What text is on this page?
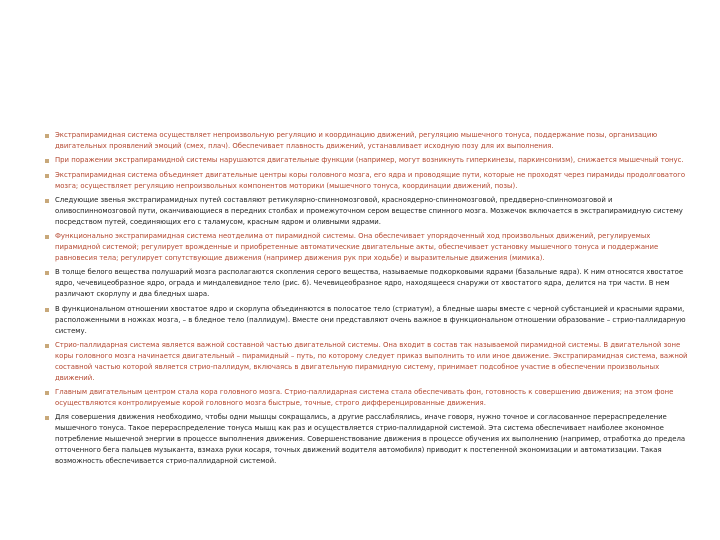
Экстрапирамидная система осуществляет непроизвольную регуляцию и координацию движений, регуляцию мышечного тонуса, поддержание позы, организацию двигательных проявлений эмоций (смех, плач). Обеспечивает плавность движений, устанавливает исходную позу для их выполнения.
При поражении экстрапирамидной системы нарушаются двигательные функции (например, могут возникнуть гиперкинезы, паркинсонизм), снижается мышечный тонус.
Экстрапирамидная система объединяет двигательные центры коры головного мозга, его ядра и проводящие пути, которые не проходят через пирамиды продолговатого мозга; осуществляет регуляцию непроизвольных компонентов моторики (мышечного тонуса, координации движений, позы).
Следующие звенья экстрапирамидных путей составляют ретикулярно-спинномозговой, красноядерно-спинномозговой, преддверно-спинномозговой и оливоспинномозговой пути, оканчивающиеся в передних столбах и промежуточном сером веществе спинного мозга. Мозжечок включается в экстрапирамидную систему посредством путей, соединяющих его с таламусом, красным ядром и оливными ядрами.
Функционально экстрапирамидная система неотделима от пирамидной системы. Она обеспечивает упорядоченный ход произвольных движений, регулируемых пирамидной системой; регулирует врожденные и приобретенные автоматические двигательные акты, обеспечивает установку мышечного тонуса и поддержание равновесия тела; регулирует сопутствующие движения (например движения рук при ходьбе) и выразительные движения (мимика).
В толще белого вещества полушарий мозга располагаются скопления серого вещества, называемые подкорковыми ядрами (базальные ядра). К ним относятся хвостатое ядро, чечевицеобразное ядро, ограда и миндалевидное тело (рис. 6). Чечевицеобразное ядро, находящееся снаружи от хвостатого ядра, делится на три части. В нем различают скорлупу и два бледных шара.
В функциональном отношении хвостатое ядро и скорлупа объединяются в полосатое тело (стриатум), а бледные шары вместе с черной субстанцией и красными ядрами, расположенными в ножках мозга, – в бледное тело (паллидум). Вместе они представляют очень важное в функциональном отношении образование – стрио-паллидарную систему.
Стрио-паллидарная система является важной составной частью двигательной системы. Она входит в состав так называемой пирамидной системы. В двигательной зоне коры головного мозга начинается двигательный – пирамидный – путь, по которому следует приказ выполнить то или иное движение. Экстрапирамидная система, важной составной частью которой является стрио-паллидум, включаясь в двигательную пирамидную систему, принимает подсобное участие в обеспечении произвольных движений.
Главным двигательным центром стала кора головного мозга. Стрио-паллидарная система стала обеспечивать фон, готовность к совершению движения; на этом фоне осуществляются контролируемые корой головного мозга быстрые, точные, строго дифференцированные движения.
Для совершения движения необходимо, чтобы одни мышцы сокращались, а другие расслаблялись, иначе говоря, нужно точное и согласованное перераспределение мышечного тонуса. Такое перераспределение тонуса мышц как раз и осуществляется стрио-паллидарной системой. Эта система обеспечивает наиболее экономное потребление мышечной энергии в процессе выполнения движения. Совершенствование движения в процессе обучения их выполнению (например, отработка до предела отточенного бега пальцев музыканта, взмаха руки косаря, точных движений водителя автомобиля) приводит к постепенной экономизации и автоматизации. Такая возможность обеспечивается стрио-паллидарной системой.
